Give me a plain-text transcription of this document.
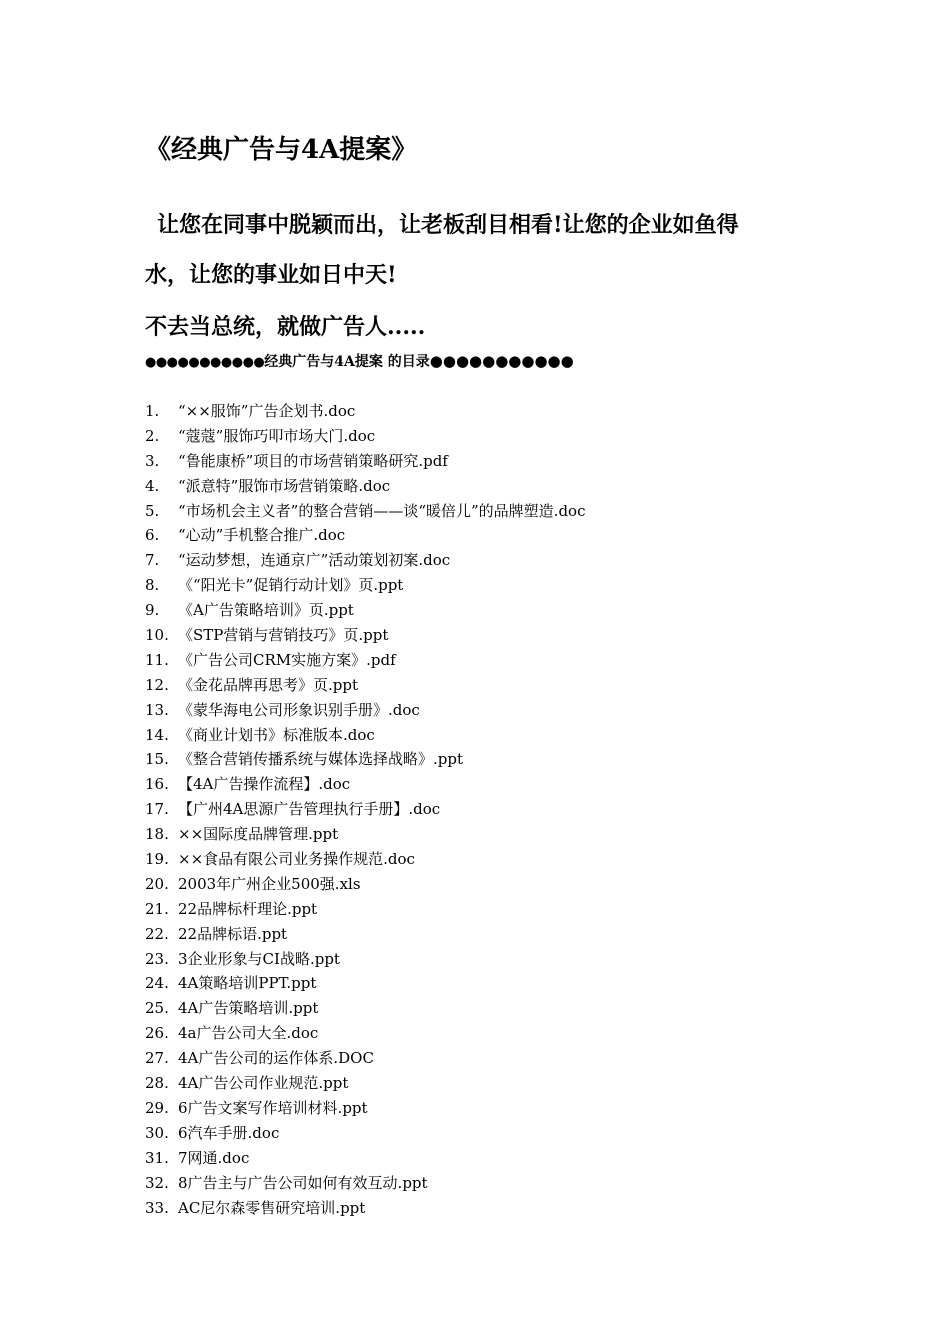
《经典广告与4A提案》
让您在同事中脱颖而出，让老板刮目相看!让您的企业如鱼得
水，让您的事业如日中天!
不去当总统，就做广告人.....
●●●●●●●●●●●经典广告与4A提案 的目录●●●●●●●●●●●
1. “××服饰”广告企划书.doc
2. “蔻蔻”服饰巧叩市场大门.doc
3. “鲁能康桥”项目的市场营销策略研究.pdf
4. “派意特”服饰市场营销策略.doc
5. “市场机会主义者”的整合营销——谈“暖倍儿”的品牌塑造.doc
6. “心动”手机整合推广.doc
7. “运动梦想，连通京广”活动策划初案.doc
8. 《“阳光卡”促销行动计划》页.ppt
9. 《A广告策略培训》页.ppt
10. 《STP营销与营销技巧》页.ppt
11. 《广告公司CRM实施方案》.pdf
12. 《金花品牌再思考》页.ppt
13. 《蒙华海电公司形象识别手册》.doc
14. 《商业计划书》标准版本.doc
15. 《整合营销传播系统与媒体选择战略》.ppt
16. 【4A广告操作流程】.doc
17. 【广州4A思源广告管理执行手册】.doc
18. ××国际度品牌管理.ppt
19. ××食品有限公司业务操作规范.doc
20. 2003年广州企业500强.xls
21. 22品牌标杆理论.ppt
22. 22品牌标语.ppt
23. 3企业形象与CI战略.ppt
24. 4A策略培训PPT.ppt
25. 4A广告策略培训.ppt
26. 4a广告公司大全.doc
27. 4A广告公司的运作体系.DOC
28. 4A广告公司作业规范.ppt
29. 6广告文案写作培训材料.ppt
30. 6汽车手册.doc
31. 7网通.doc
32. 8广告主与广告公司如何有效互动.ppt
33. AC尼尔森零售研究培训.ppt
